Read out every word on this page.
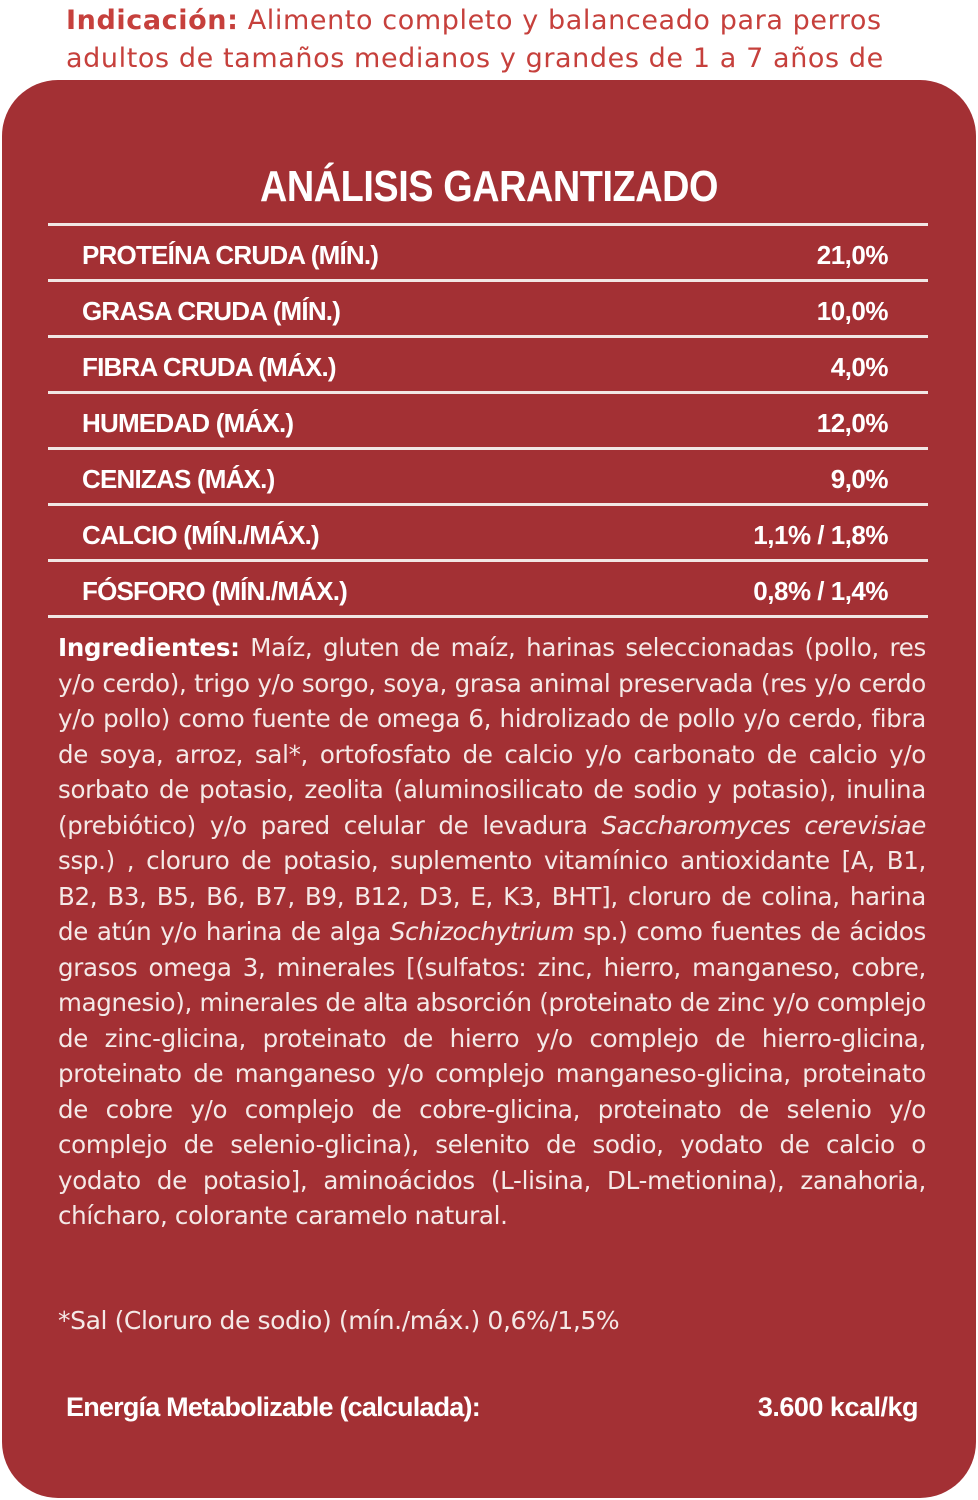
Indicación: Alimento completo y balanceado para perros adultos de tamaños medianos y grandes de 1 a 7 años de

ANÁLISIS GARANTIZADO
PROTEÍNA CRUDA (MÍN.)	21,0%
GRASA CRUDA (MÍN.)	10,0%
FIBRA CRUDA (MÁX.)	4,0%
HUMEDAD (MÁX.)	12,0%
CENIZAS (MÁX.)	9,0%
CALCIO (MÍN./MÁX.)	1,1% / 1,8%
FÓSFORO (MÍN./MÁX.)	0,8% / 1,4%

Ingredientes: Maíz, gluten de maíz, harinas seleccionadas (pollo, res y/o cerdo), trigo y/o sorgo, soya, grasa animal preservada (res y/o cerdo y/o pollo) como fuente de omega 6, hidrolizado de pollo y/o cerdo, fibra de soya, arroz, sal*, ortofosfato de calcio y/o carbonato de calcio y/o sorbato de potasio, zeolita (aluminosilicato de sodio y potasio), inulina (prebiótico) y/o pared celular de levadura Saccharomyces cerevisiae ssp.) , cloruro de potasio, suplemento vitamínico antioxidante [A, B1, B2, B3, B5, B6, B7, B9, B12, D3, E, K3, BHT], cloruro de colina, harina de atún y/o harina de alga Schizochytrium sp.) como fuentes de ácidos grasos omega 3, minerales [(sulfatos: zinc, hierro, manganeso, cobre, magnesio), minerales de alta absorción (proteinato de zinc y/o complejo de zinc-glicina, proteinato de hierro y/o complejo de hierro-glicina, proteinato de manganeso y/o complejo manganeso-glicina, proteinato de cobre y/o complejo de cobre-glicina, proteinato de selenio y/o complejo de selenio-glicina), selenito de sodio, yodato de calcio o yodato de potasio], aminoácidos (L-lisina, DL-metionina), zanahoria, chícharo, colorante caramelo natural.

*Sal (Cloruro de sodio) (mín./máx.) 0,6%/1,5%
Energía Metabolizable (calculada):	3.600 kcal/kg
